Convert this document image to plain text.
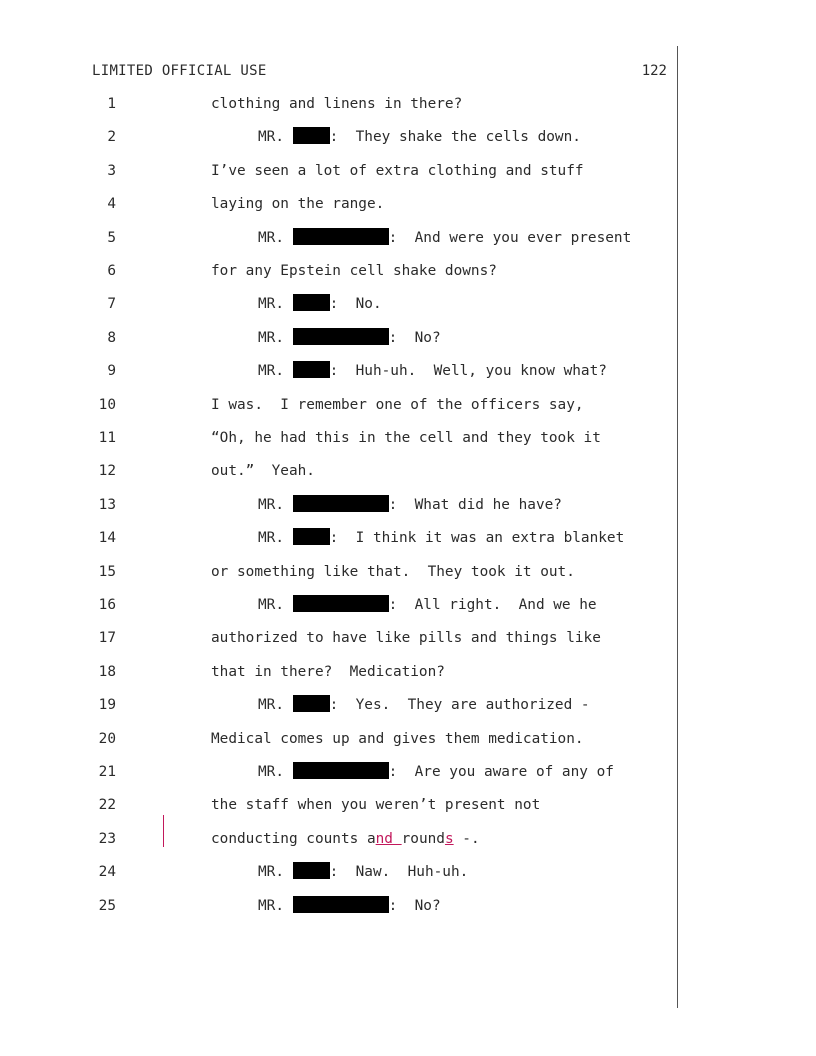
LIMITED OFFICIAL USE	122
1	clothing and linens in there?
2	MR.	:  They shake the cells down.
3	I’ve seen a lot of extra clothing and stuff
4	laying on the range.
5	MR.	:  And were you ever present
6	for any Epstein cell shake downs?
7	MR.	:  No.
8	MR.	:  No?
9	MR.	:  Huh-uh.  Well, you know what?
10	I was.  I remember one of the officers say,
11	“Oh, he had this in the cell and they took it
12	out.”  Yeah.
13	MR.	:  What did he have?
14	MR.	:  I think it was an extra blanket
15	or something like that.  They took it out.
16	MR.	:  All right.  And we he
17	authorized to have like pills and things like
18	that in there?  Medication?
19	MR.	:  Yes.  They are authorized -
20	Medical comes up and gives them medication.
21	MR.	:  Are you aware of any of
22	the staff when you weren’t present not
23	conducting counts and rounds -.
24	MR.	:  Naw.  Huh-uh.
25	MR.	:  No?
